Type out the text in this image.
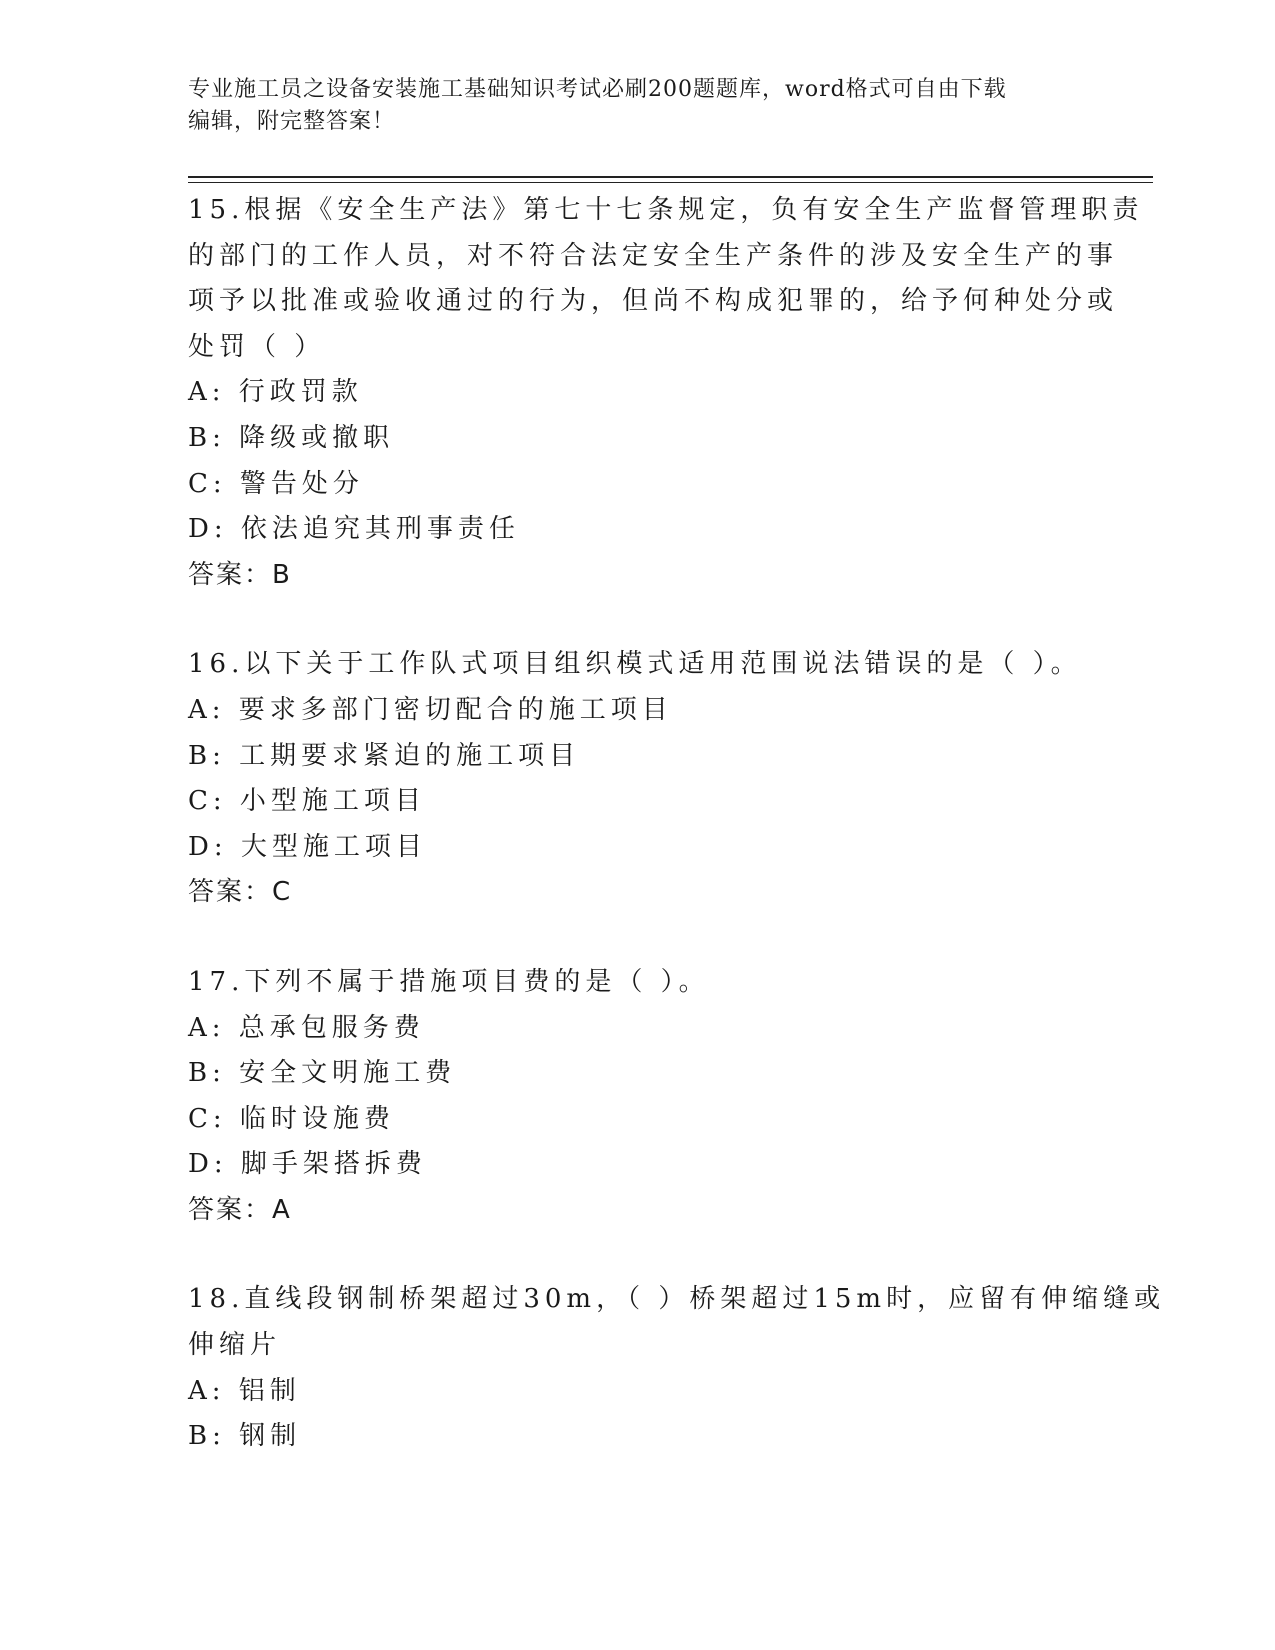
专业施工员之设备安装施工基础知识考试必刷200题题库，word格式可自由下载
编辑，附完整答案！
15.根据《安全生产法》第七十七条规定，负有安全生产监督管理职责
的部门的工作人员，对不符合法定安全生产条件的涉及安全生产的事
项予以批准或验收通过的行为，但尚不构成犯罪的，给予何种处分或
处罚（ ）
A: 行政罚款
B: 降级或撤职
C: 警告处分
D: 依法追究其刑事责任
答案：B
16.以下关于工作队式项目组织模式适用范围说法错误的是（ ）。
A: 要求多部门密切配合的施工项目
B: 工期要求紧迫的施工项目
C: 小型施工项目
D: 大型施工项目
答案：C
17.下列不属于措施项目费的是（ ）。
A: 总承包服务费
B: 安全文明施工费
C: 临时设施费
D: 脚手架搭拆费
答案：A
18.直线段钢制桥架超过30m，（ ）桥架超过15m时，应留有伸缩缝或
伸缩片
A: 铝制
B: 钢制
